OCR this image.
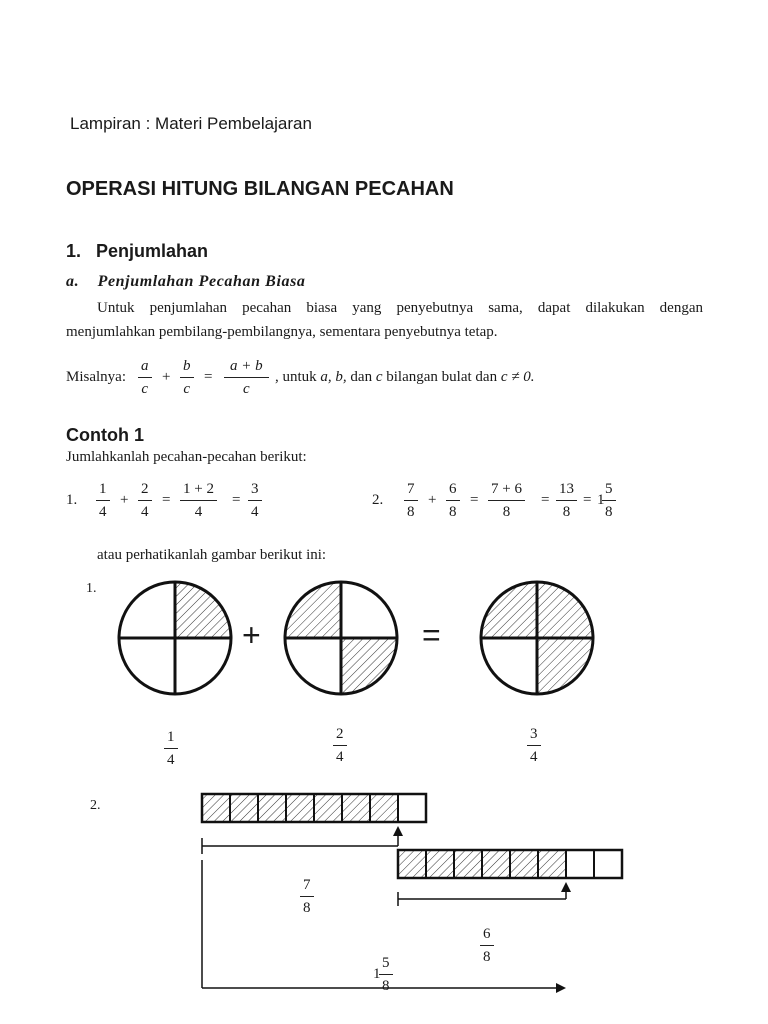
Lampiran : Materi Pembelajaran
OPERASI HITUNG BILANGAN PECAHAN
1. Penjumlahan
a. Penjumlahan Pecahan Biasa
Untuk penjumlahan pecahan biasa yang penyebutnya sama, dapat dilakukan dengan
menjumlahkan pembilang-pembilangnya, sementara penyebutnya tetap.
Misalnya:
a
c
+
b
c
=
a + b
c
, untuk a, b, dan c bilangan bulat dan c ≠ 0.
Contoh 1
Jumlahkanlah pecahan-pecahan berikut:
1.
1
4
+
2
4
=
1 + 2
4
=
3
4
2.
7
8
+
6
8
=
7 + 6
8
=
13
8
= 1
5
8
atau perhatikanlah gambar berikut ini:
1.
+	=
1
4
2
4
3
4
2.
7
8
6
8
1
5
8
